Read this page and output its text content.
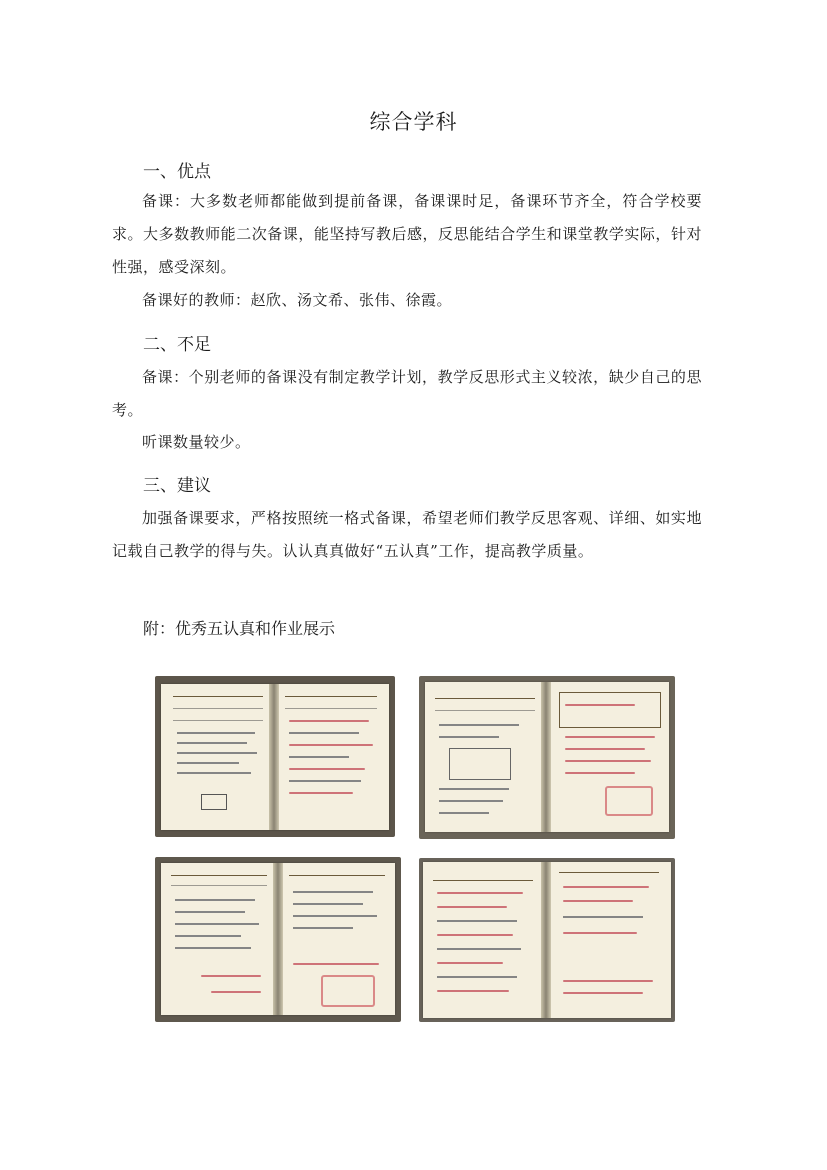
综合学科
一、优点
备课：大多数老师都能做到提前备课，备课课时足，备课环节齐全，符合学校要求。大多数教师能二次备课，能坚持写教后感，反思能结合学生和课堂教学实际，针对性强，感受深刻。
备课好的教师：赵欣、汤文希、张伟、徐霞。
二、不足
备课：个别老师的备课没有制定教学计划，教学反思形式主义较浓，缺少自己的思考。
听课数量较少。
三、建议
加强备课要求，严格按照统一格式备课，希望老师们教学反思客观、详细、如实地记载自己教学的得与失。认认真真做好“五认真”工作，提高教学质量。
附：优秀五认真和作业展示
